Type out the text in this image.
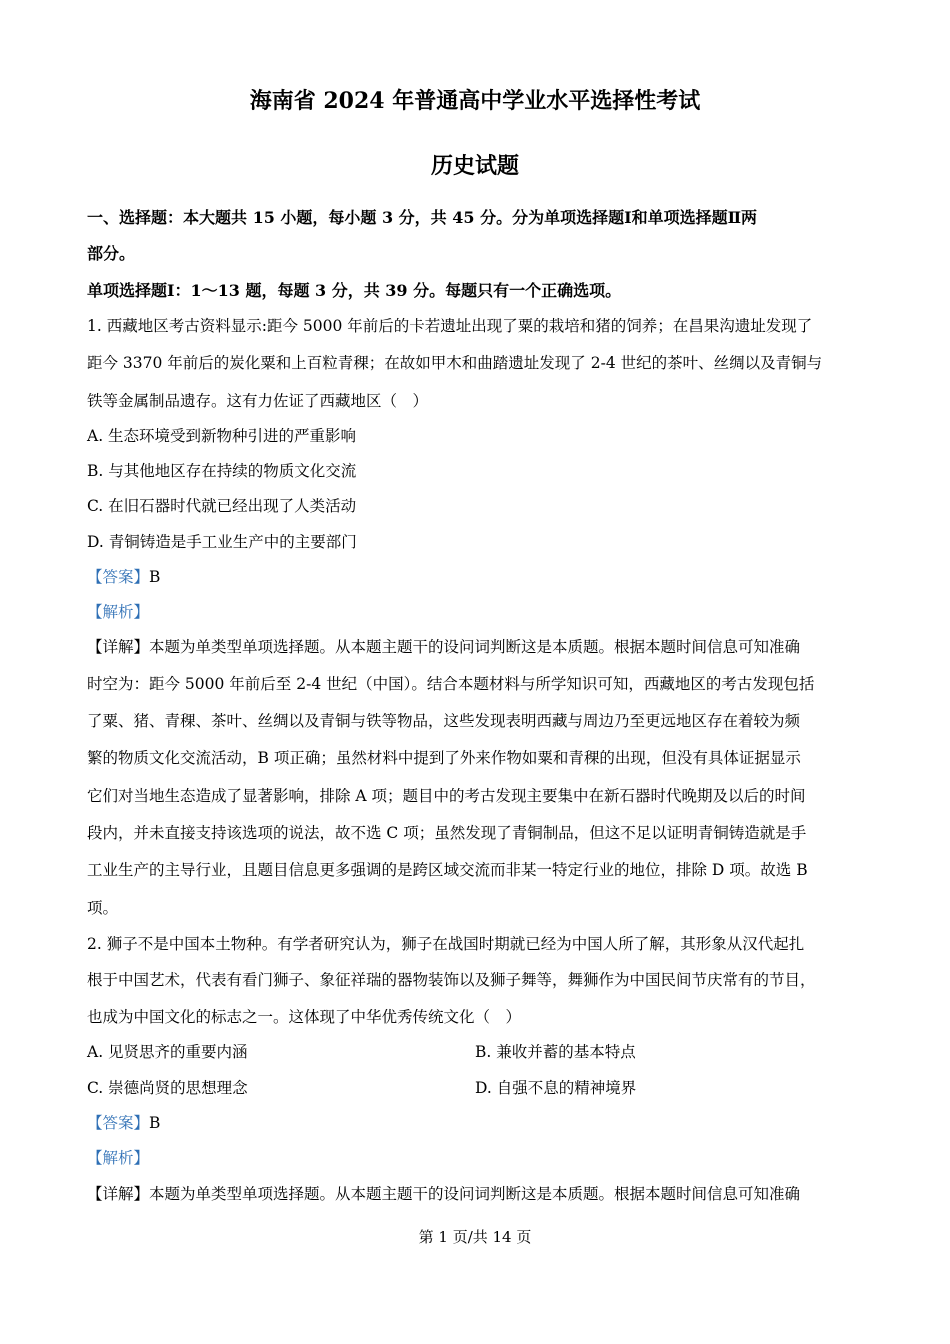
海南省 2024 年普通高中学业水平选择性考试
历史试题
一、选择题：本大题共 15 小题，每小题 3 分，共 45 分。分为单项选择题Ⅰ和单项选择题Ⅱ两
部分。
单项选择题Ⅰ：1～13 题，每题 3 分，共 39 分。每题只有一个正确选项。
1. 西藏地区考古资料显示:距今 5000 年前后的卡若遗址出现了粟的栽培和猪的饲养；在昌果沟遗址发现了
距今 3370 年前后的炭化粟和上百粒青稞；在故如甲木和曲踏遗址发现了 2-4 世纪的茶叶、丝绸以及青铜与
铁等金属制品遗存。这有力佐证了西藏地区（　）
A. 生态环境受到新物种引进的严重影响
B. 与其他地区存在持续的物质文化交流
C. 在旧石器时代就已经出现了人类活动
D. 青铜铸造是手工业生产中的主要部门
【答案】B
【解析】
【详解】本题为单类型单项选择题。从本题主题干的设问词判断这是本质题。根据本题时间信息可知准确
时空为：距今 5000 年前后至 2-4 世纪（中国）。结合本题材料与所学知识可知，西藏地区的考古发现包括
了粟、猪、青稞、茶叶、丝绸以及青铜与铁等物品，这些发现表明西藏与周边乃至更远地区存在着较为频
繁的物质文化交流活动，B 项正确；虽然材料中提到了外来作物如粟和青稞的出现，但没有具体证据显示
它们对当地生态造成了显著影响，排除 A 项；题目中的考古发现主要集中在新石器时代晚期及以后的时间
段内，并未直接支持该选项的说法，故不选 C 项；虽然发现了青铜制品，但这不足以证明青铜铸造就是手
工业生产的主导行业，且题目信息更多强调的是跨区域交流而非某一特定行业的地位，排除 D 项。故选 B
项。
2. 狮子不是中国本土物种。有学者研究认为，狮子在战国时期就已经为中国人所了解，其形象从汉代起扎
根于中国艺术，代表有看门狮子、象征祥瑞的器物装饰以及狮子舞等，舞狮作为中国民间节庆常有的节目，
也成为中国文化的标志之一。这体现了中华优秀传统文化（　）
A. 见贤思齐的重要内涵	B. 兼收并蓄的基本特点
C. 崇德尚贤的思想理念	D. 自强不息的精神境界
【答案】B
【解析】
【详解】本题为单类型单项选择题。从本题主题干的设问词判断这是本质题。根据本题时间信息可知准确
第 1 页/共 14 页
